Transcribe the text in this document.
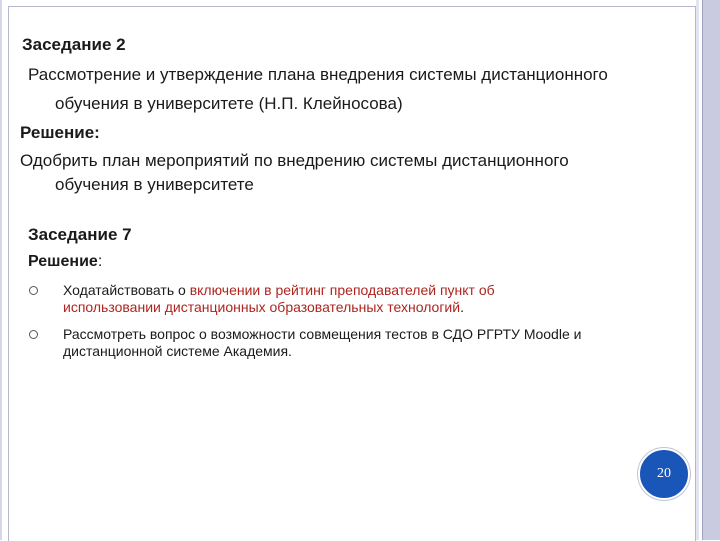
Заседание 2
Рассмотрение и утверждение плана внедрения системы дистанционного
обучения в университете (Н.П. Клейносова)
Решение:
Одобрить план мероприятий по внедрению системы дистанционного
обучения в университете
Заседание 7
Решение:
Ходатайствовать о включении в рейтинг преподавателей пункт об
использовании дистанционных образовательных технологий.
Рассмотреть вопрос о возможности совмещения тестов в СДО РГРТУ Moodle и
дистанционной системе Академия.
20
